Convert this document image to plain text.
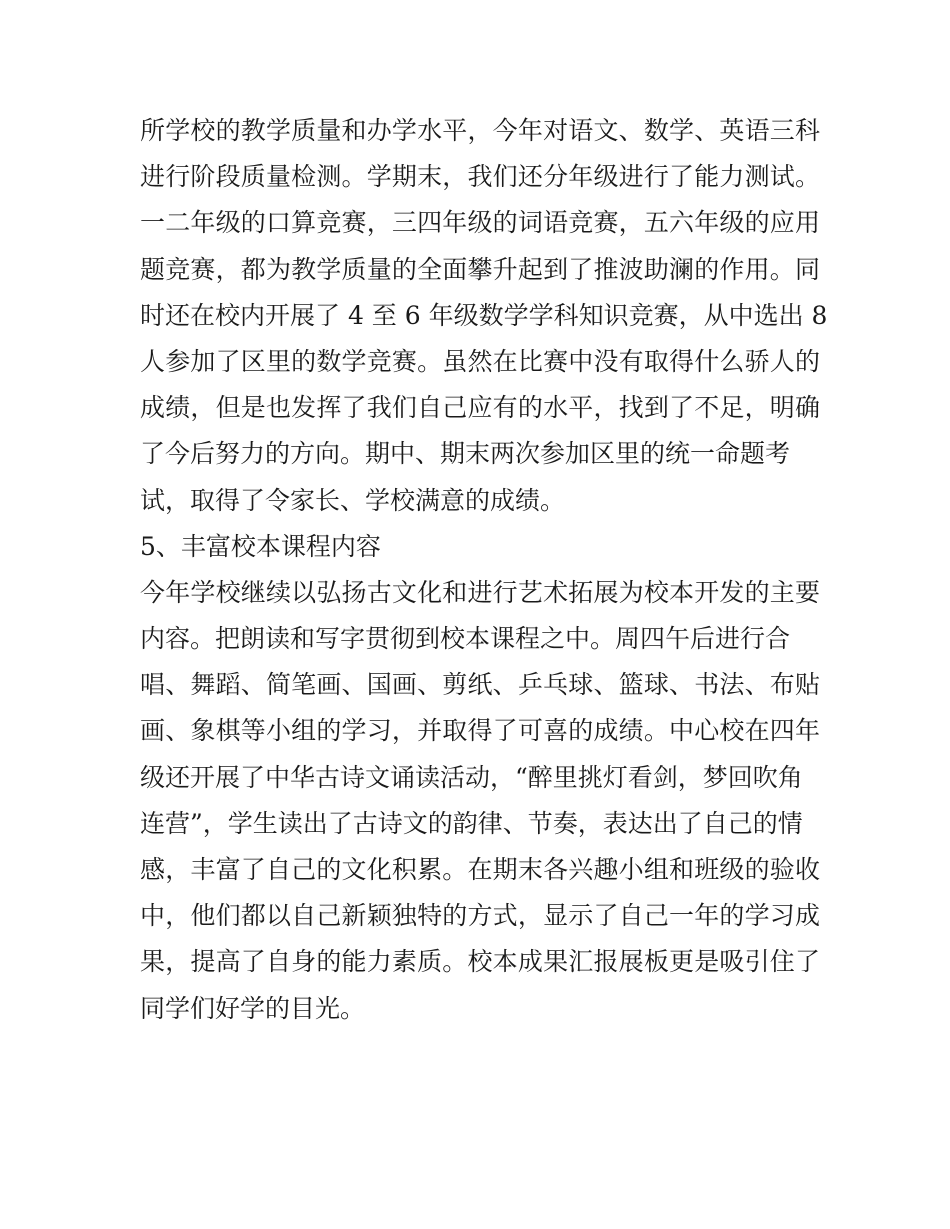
所学校的教学质量和办学水平，今年对语文、数学、英语三科
进行阶段质量检测。学期末，我们还分年级进行了能力测试。
一二年级的口算竞赛，三四年级的词语竞赛，五六年级的应用
题竞赛，都为教学质量的全面攀升起到了推波助澜的作用。同
时还在校内开展了 4 至 6 年级数学学科知识竞赛，从中选出 8
人参加了区里的数学竞赛。虽然在比赛中没有取得什么骄人的
成绩，但是也发挥了我们自己应有的水平，找到了不足，明确
了今后努力的方向。期中、期末两次参加区里的统一命题考
试，取得了令家长、学校满意的成绩。
5、丰富校本课程内容
今年学校继续以弘扬古文化和进行艺术拓展为校本开发的主要
内容。把朗读和写字贯彻到校本课程之中。周四午后进行合
唱、舞蹈、简笔画、国画、剪纸、乒乓球、篮球、书法、布贴
画、象棋等小组的学习，并取得了可喜的成绩。中心校在四年
级还开展了中华古诗文诵读活动，“醉里挑灯看剑，梦回吹角
连营”，学生读出了古诗文的韵律、节奏，表达出了自己的情
感，丰富了自己的文化积累。在期末各兴趣小组和班级的验收
中，他们都以自己新颖独特的方式，显示了自己一年的学习成
果，提高了自身的能力素质。校本成果汇报展板更是吸引住了
同学们好学的目光。
